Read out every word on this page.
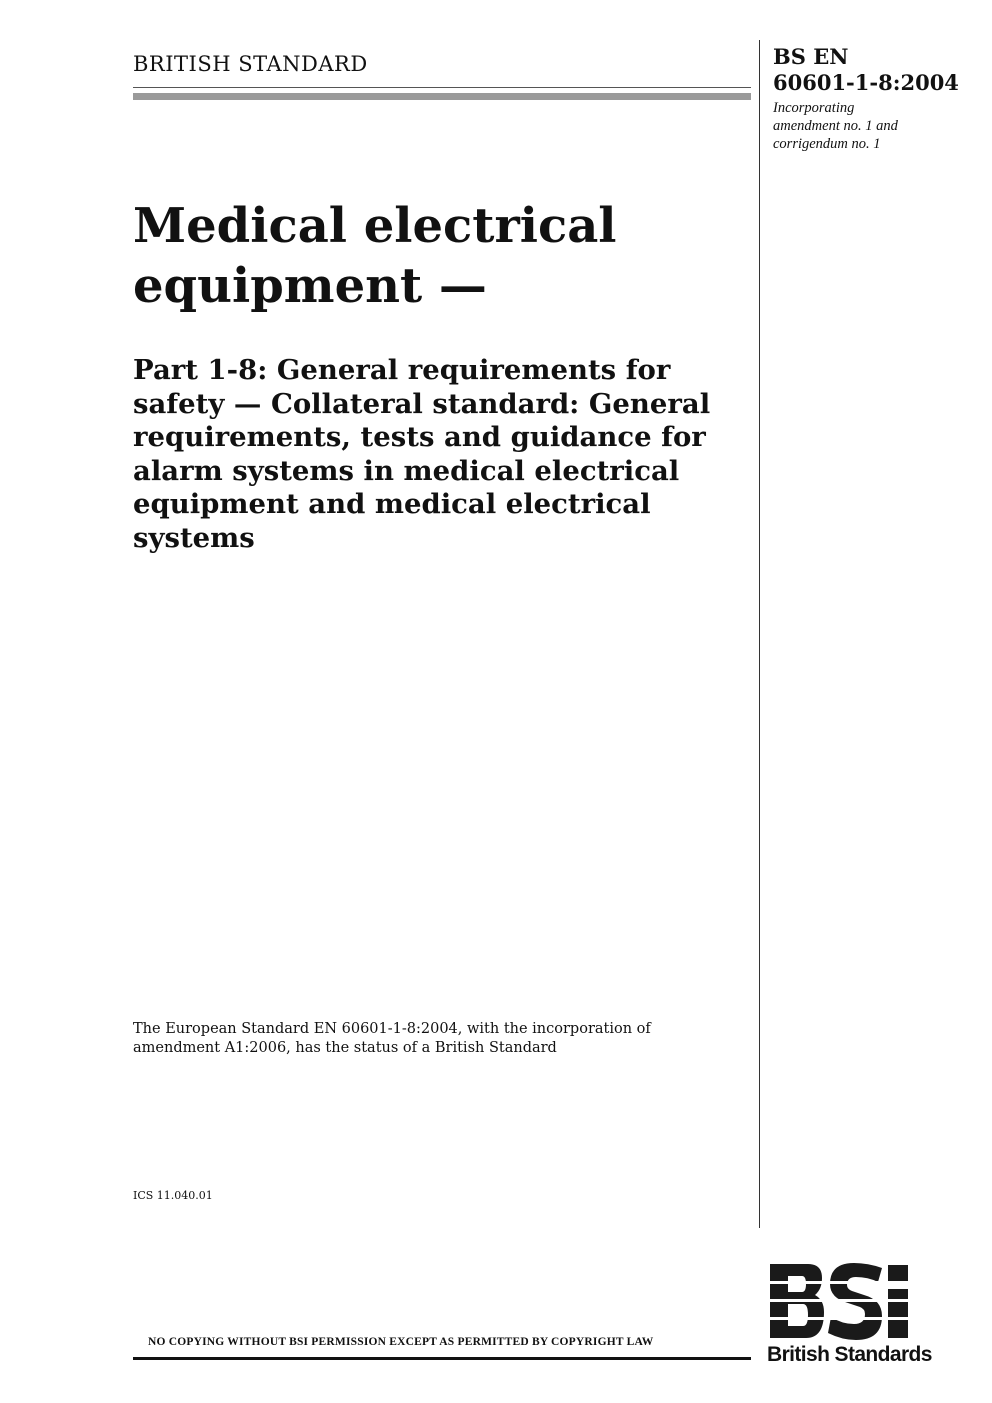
BRITISH STANDARD	BS EN
60601-1-8:2004
Incorporating
amendment no. 1 and
corrigendum no. 1
Medical electrical
equipment —
Part 1-8: General requirements for
safety — Collateral standard: General
requirements, tests and guidance for
alarm systems in medical electrical
equipment and medical electrical
systems
The European Standard EN 60601-1-8:2004, with the incorporation of
amendment A1:2006, has the status of a British Standard
ICS 11.040.01
NO COPYING WITHOUT BSI PERMISSION EXCEPT AS PERMITTED BY COPYRIGHT LAW
BSi
British Standards
